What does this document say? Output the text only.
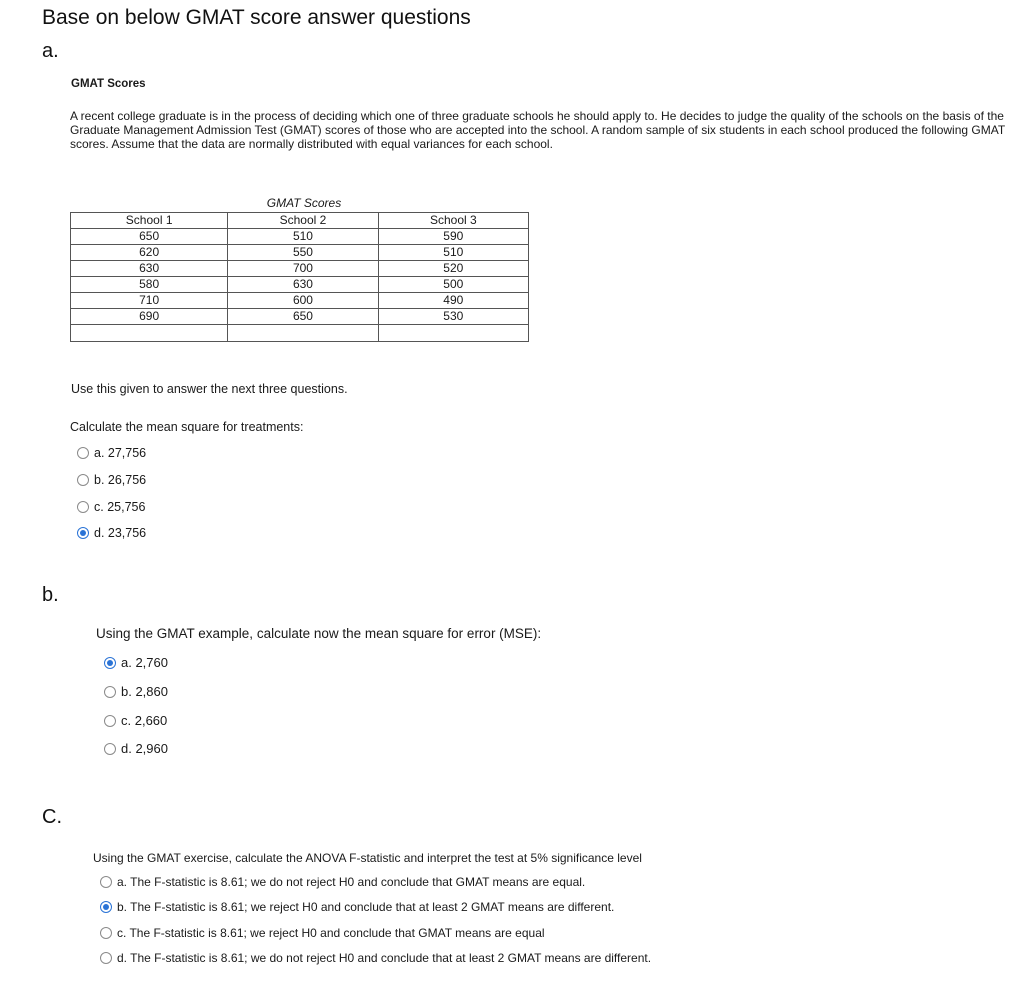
Base on below GMAT score answer questions
a.
GMAT Scores
A recent college graduate is in the process of deciding which one of three graduate schools he should apply to. He decides to judge the quality of the schools on the basis of the Graduate Management Admission Test (GMAT) scores of those who are accepted into the school. A random sample of six students in each school produced the following GMAT scores. Assume that the data are normally distributed with equal variances for each school.
GMAT Scores
School 1	School 2	School 3
650	510	590
620	550	510
630	700	520
580	630	500
710	600	490
690	650	530

Use this given to answer the next three questions.
Calculate the mean square for treatments:
a. 27,756
b. 26,756
c. 25,756
d. 23,756
b.
Using the GMAT example, calculate now the mean square for error (MSE):
a. 2,760
b. 2,860
c. 2,660
d. 2,960
C.
Using the GMAT exercise, calculate the ANOVA F-statistic and interpret the test at 5% significance level
a. The F-statistic is 8.61; we do not reject H0 and conclude that GMAT means are equal.
b. The F-statistic is 8.61; we reject H0 and conclude that at least 2 GMAT means are different.
c. The F-statistic is 8.61; we reject H0 and conclude that GMAT means are equal
d. The F-statistic is 8.61; we do not reject H0 and conclude that at least 2 GMAT means are different.
